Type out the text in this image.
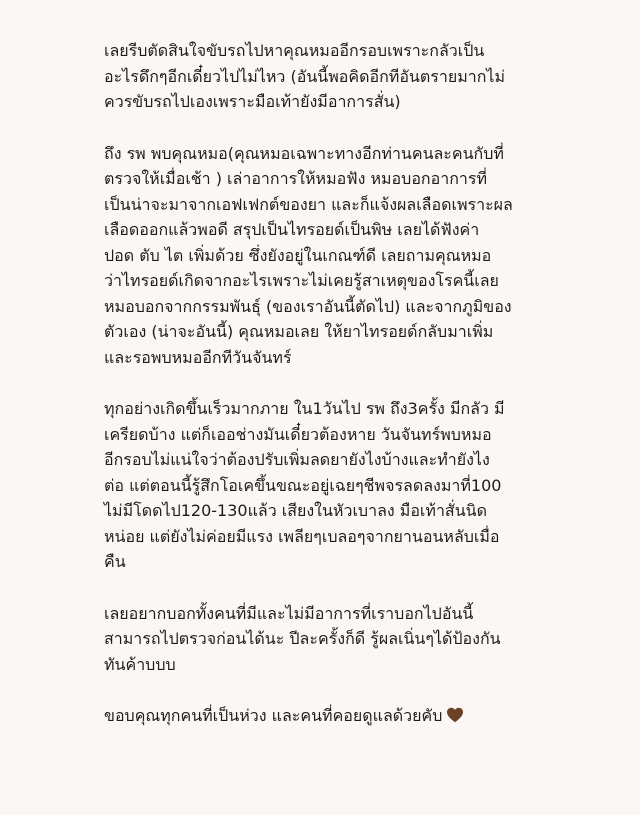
เลยรีบตัดสินใจขับรถไปหาคุณหมออีกรอบเพราะกลัวเป็น
อะไรดึกๆอีกเดี๋ยวไปไม่ไหว (อันนี้พอคิดอีกทีอันตรายมากไม่
ควรขับรถไปเองเพราะมือเท้ายังมีอาการสั่น)
ถึง รพ พบคุณหมอ(คุณหมอเฉพาะทางอีกท่านคนละคนกับที่
ตรวจให้เมื่อเช้า ) เล่าอาการให้หมอฟัง หมอบอกอาการที่
เป็นน่าจะมาจากเอฟเฟกต์ของยา และก็แจ้งผลเลือดเพราะผล
เลือดออกแล้วพอดี สรุปเป็นไทรอยด์เป็นพิษ เลยได้ฟังค่า
ปอด ตับ ไต เพิ่มด้วย ซึ่งยังอยู่ในเกณฑ์ดี เลยถามคุณหมอ
ว่าไทรอยด์เกิดจากอะไรเพราะไม่เคยรู้สาเหตุของโรคนี้เลย
หมอบอกจากกรรมพันธุ์ (ของเราอันนี้ตัดไป) และจากภูมิของ
ตัวเอง (น่าจะอันนี้) คุณหมอเลย ให้ยาไทรอยด์กลับมาเพิ่ม
และรอพบหมออีกทีวันจันทร์
ทุกอย่างเกิดขึ้นเร็วมากภาย ใน1วันไป รพ ถึง3ครั้ง มีกลัว มี
เครียดบ้าง แต่ก็เออช่างมันเดี๋ยวต้องหาย วันจันทร์พบหมอ
อีกรอบไม่แน่ใจว่าต้องปรับเพิ่มลดยายังไงบ้างและทำยังไง
ต่อ แต่ตอนนี้รู้สึกโอเคขึ้นขณะอยู่เฉยๆชีพจรลดลงมาที่100
ไม่มีโดดไป120-130แล้ว เสียงในหัวเบาลง มือเท้าสั่นนิด
หน่อย แต่ยังไม่ค่อยมีแรง เพลียๆเบลอๆจากยานอนหลับเมื่อ
คืน
เลยอยากบอกทั้งคนที่มีและไม่มีอาการที่เราบอกไปอันนี้
สามารถไปตรวจก่อนได้นะ ปีละครั้งก็ดี รู้ผลเนิ่นๆได้ป้องกัน
ทันค้าบบบ
ขอบคุณทุกคนที่เป็นห่วง และคนที่คอยดูแลด้วยคับ
